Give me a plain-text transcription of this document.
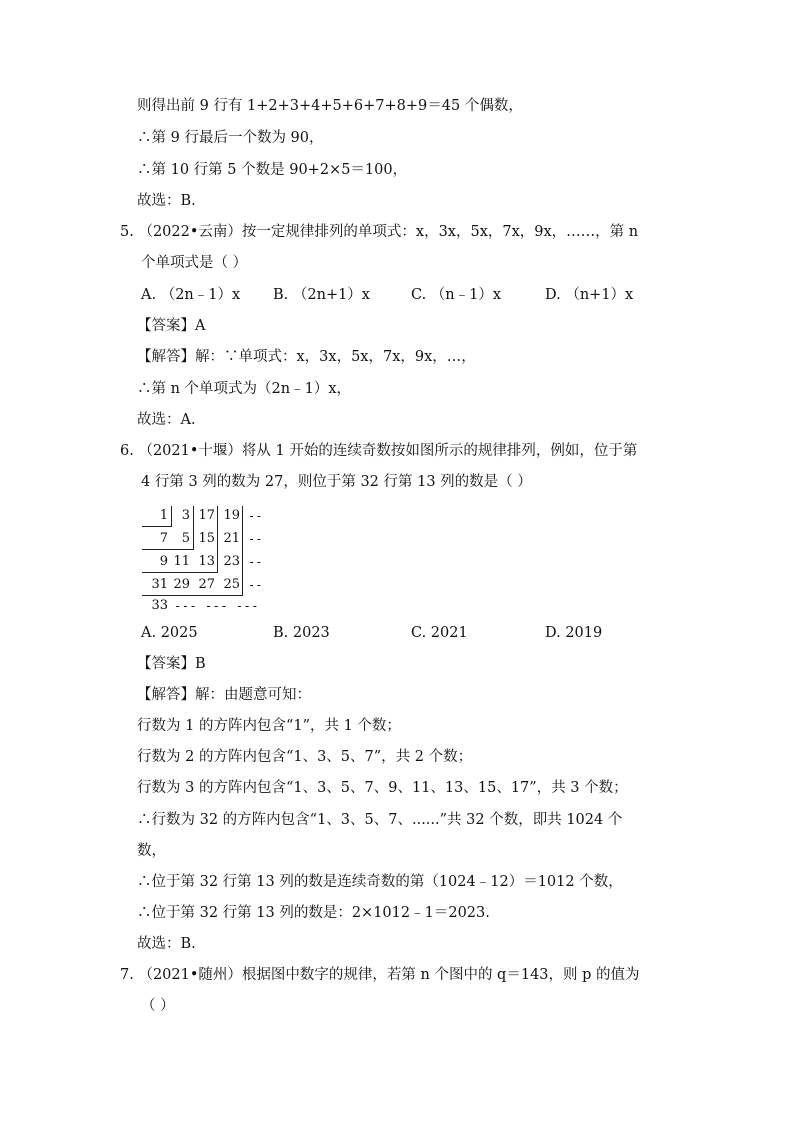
则得出前 9 行有 1+2+3+4+5+6+7+8+9＝45 个偶数，
∴第 9 行最后一个数为 90，
∴第 10 行第 5 个数是 90+2×5＝100，
故选：B.
5. （2022•云南）按一定规律排列的单项式：x，3x，5x，7x，9x，……，第 n
个单项式是（ ）
A. （2n﹣1）x B. （2n+1）x	C. （n﹣1）x	D. （n+1）x
【答案】A
【解答】解：∵单项式：x，3x，5x，7x，9x，…，
∴第 n 个单项式为（2n﹣1）x，
故选：A.
6. （2021•十堰）将从 1 开始的连续奇数按如图所示的规律排列，例如，位于第
4 行第 3 列的数为 27，则位于第 32 行第 13 列的数是（ ）
1	3 17 19 --
7	5 15 21 --
9 11 13 23 --
31 29 27 25 --
33 --- --- ---
A. 2025	B. 2023	C. 2021	D. 2019
【答案】B
【解答】解：由题意可知：
行数为 1 的方阵内包含“1”，共 1 个数；
行数为 2 的方阵内包含“1、3、5、7”，共 2 个数；
行数为 3 的方阵内包含“1、3、5、7、9、11、13、15、17”，共 3 个数；
∴行数为 32 的方阵内包含“1、3、5、7、......”共 32 个数，即共 1024 个
数，
∴位于第 32 行第 13 列的数是连续奇数的第（1024﹣12）＝1012 个数，
∴位于第 32 行第 13 列的数是：2×1012﹣1＝2023.
故选：B.
7. （2021•随州）根据图中数字的规律，若第 n 个图中的 q＝143，则 p 的值为
（ ）
